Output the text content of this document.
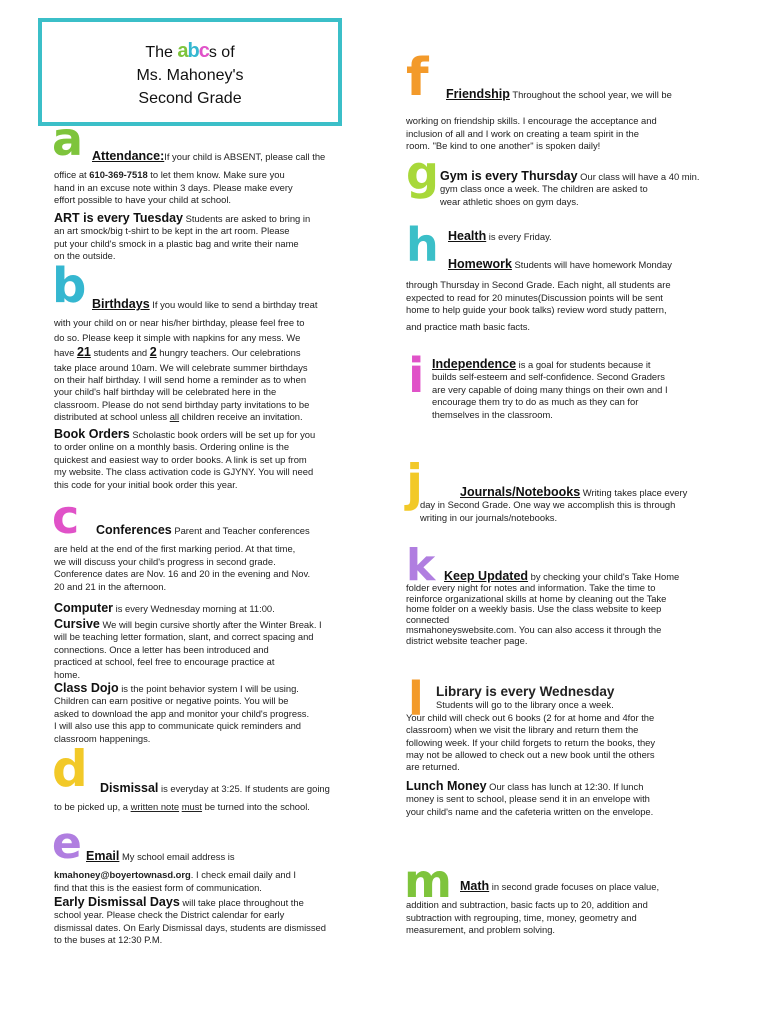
The abcs of
Ms. Mahoney's
Second Grade
a Attendance:If your child is ABSENT, please call the

office at 610-369-7518 to let them know. Make sure you

hand in an excuse note within 3 days. Please make every

effort possible to have your child at school.

ART is every Tuesday Students are asked to bring in

an art smock/big t-shirt to be kept in the art room. Please

put your child's smock in a plastic bag and write their name

on the outside.

b Birthdays If you would like to send a birthday treat

with your child on or near his/her birthday, please feel free to

do so. Please keep it simple with napkins for any mess. We

have 21 students and 2 hungry teachers. Our celebrations

take place around 10am. We will celebrate summer birthdays

on their half birthday. I will send home a reminder as to when

your child's half birthday will be celebrated here in the

classroom. Please do not send birthday party invitations to be

distributed at school unless all children receive an invitation.

Book Orders Scholastic book orders will be set up for you

to order online on a monthly basis. Ordering online is the

quickest and easiest way to order books. A link is set up from

my website. The class activation code is GJYNY. You will need

this code for your initial book order this year.

c	Conferences Parent and Teacher conferences

are held at the end of the first marking period. At that time,

we will discuss your child's progress in second grade.

Conference dates are Nov. 16 and 20 in the evening and Nov.

20 and 21 in the afternoon.

Computer is every Wednesday morning at 11:00.

Cursive We will begin cursive shortly after the Winter Break. I

will be teaching letter formation, slant, and correct spacing and

connections. Once a letter has been introduced and

practiced at school, feel free to encourage practice at

home.

Class Dojo is the point behavior system I will be using.

Children can earn positive or negative points. You will be

asked to download the app and monitor your child's progress.

I will also use this app to communicate quick reminders and

classroom happenings.

d Dismissal is everyday at 3:25. If students are going

to be picked up, a written note must be turned into the school.

e Email My school email address is

kmahoney@boyertownasd.org. I check email daily and I

find that this is the easiest form of communication.

Early Dismissal Days will take place throughout the

school year. Please check the District calendar for early

dismissal dates. On Early Dismissal days, students are dismissed

to the buses at 12:30 P.M.

f	Friendship Throughout the school year, we will be

working on friendship skills. I encourage the acceptance and

inclusion of all and I work on creating a team spirit in the

room. "Be kind to one another" is spoken daily!

g Gym is every Thursday Our class will have a 40 min.

gym class once a week. The children are asked to

wear athletic shoes on gym days.

h Health is every Friday.

Homework Students will have homework Monday

through Thursday in Second Grade. Each night, all students are

expected to read for 20 minutes(Discussion points will be sent

home to help guide your book talks) review word study pattern,

and practice math basic facts.

i Independence is a goal for students because it

builds self-esteem and self-confidence. Second Graders

are very capable of doing many things on their own and I

encourage them try to do as much as they can for

themselves in the classroom.

j	Journals/Notebooks Writing takes place every

day in Second Grade. One way we accomplish this is through

writing in our journals/notebooks.

k Keep Updated by checking your child's Take Home

folder every night for notes and information. Take the time to

reinforce organizational skills at home by cleaning out the Take

home folder on a weekly basis. Use the class website to keep

connected

msmahoneyswebsite.com. You can also access it through the

district website teacher page.

l Library is every Wednesday

Students will go to the library once a week.

Your child will check out 6 books (2 for at home and 4for the

classroom) when we visit the library and return them the

following week. If your child forgets to return the books, they

may not be allowed to check out a new book until the others

are returned.

Lunch Money Our class has lunch at 12:30. If lunch

money is sent to school, please send it in an envelope with

your child's name and the cafeteria written on the envelope.

m Math in second grade focuses on place value,

addition and subtraction, basic facts up to 20, addition and

subtraction with regrouping, time, money, geometry and

measurement, and problem solving.
